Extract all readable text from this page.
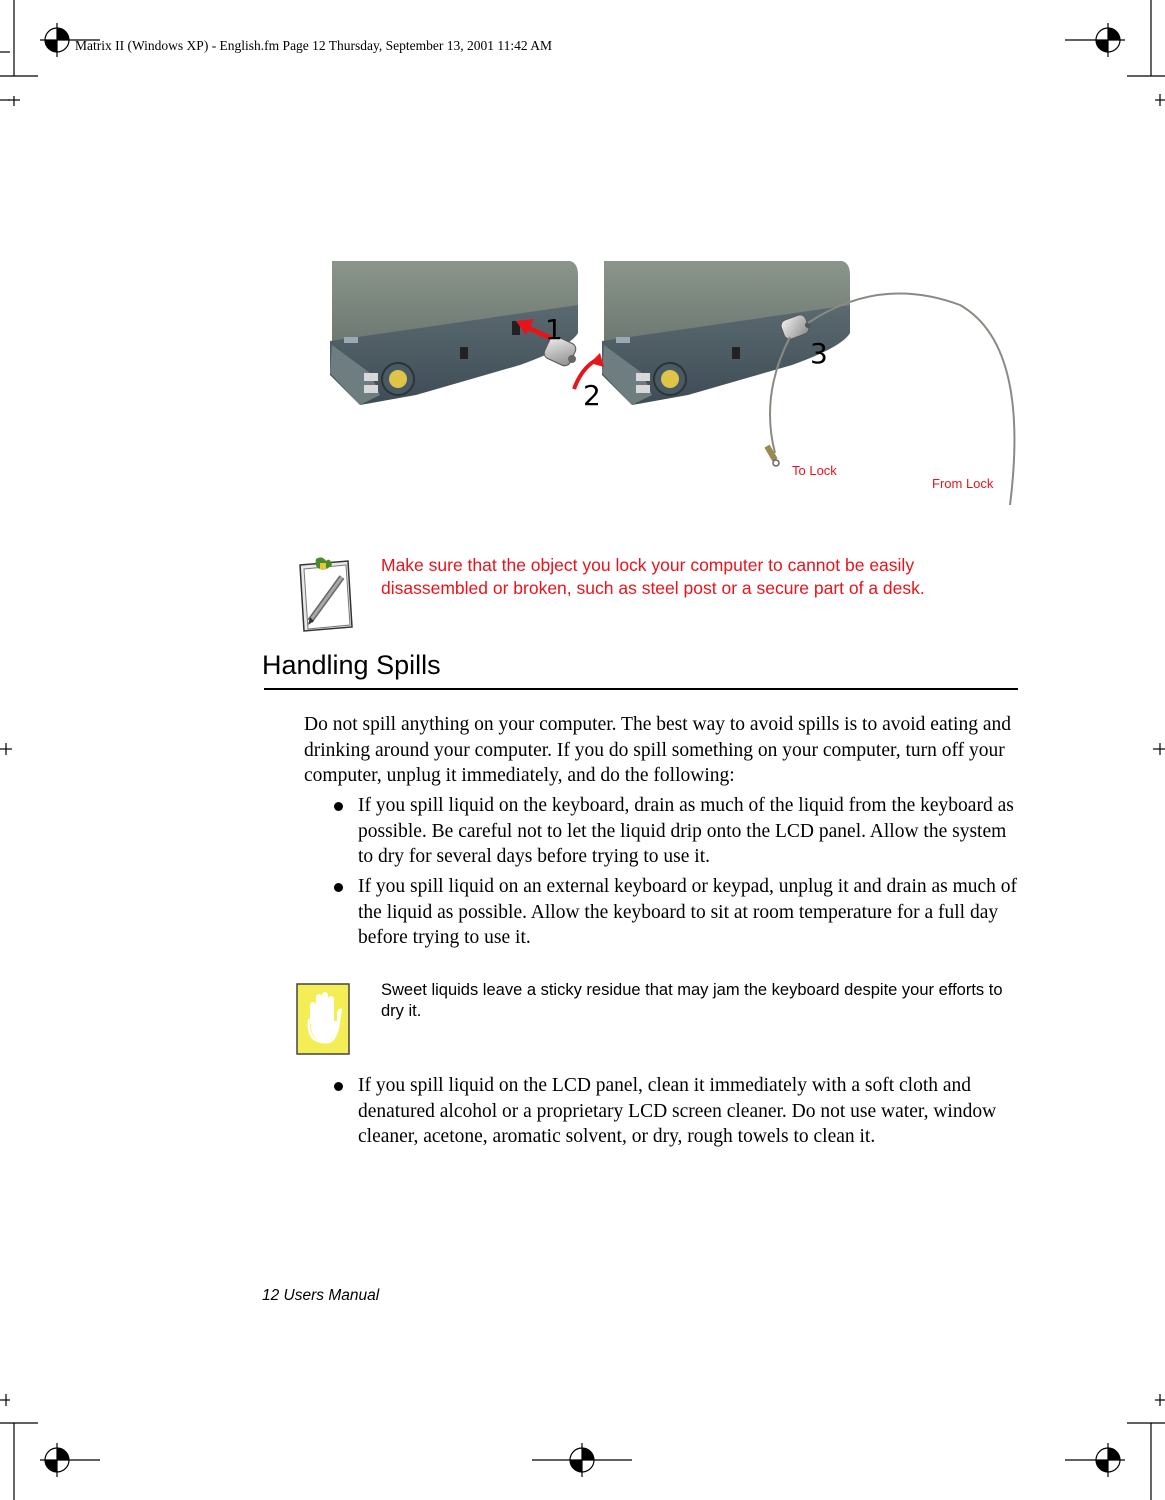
Matrix II (Windows XP) - English.fm Page 12 Thursday, September 13, 2001 11:42 AM
1
2
3
To Lock
From Lock
Make sure that the object you lock your computer to cannot be easily disassembled or broken, such as steel post or a secure part of a desk.
Handling Spills
Do not spill anything on your computer. The best way to avoid spills is to avoid eating and drinking around your computer. If you do spill something on your computer, turn off your computer, unplug it immediately, and do the following:
If you spill liquid on the keyboard, drain as much of the liquid from the keyboard as possible. Be careful not to let the liquid drip onto the LCD panel. Allow the system to dry for several days before trying to use it.
If you spill liquid on an external keyboard or keypad, unplug it and drain as much of the liquid as possible. Allow the keyboard to sit at room temperature for a full day before trying to use it.
Sweet liquids leave a sticky residue that may jam the keyboard despite your efforts to dry it.
If you spill liquid on the LCD panel, clean it immediately with a soft cloth and denatured alcohol or a proprietary LCD screen cleaner. Do not use water, window cleaner, acetone, aromatic solvent, or dry, rough towels to clean it.
12 Users Manual
